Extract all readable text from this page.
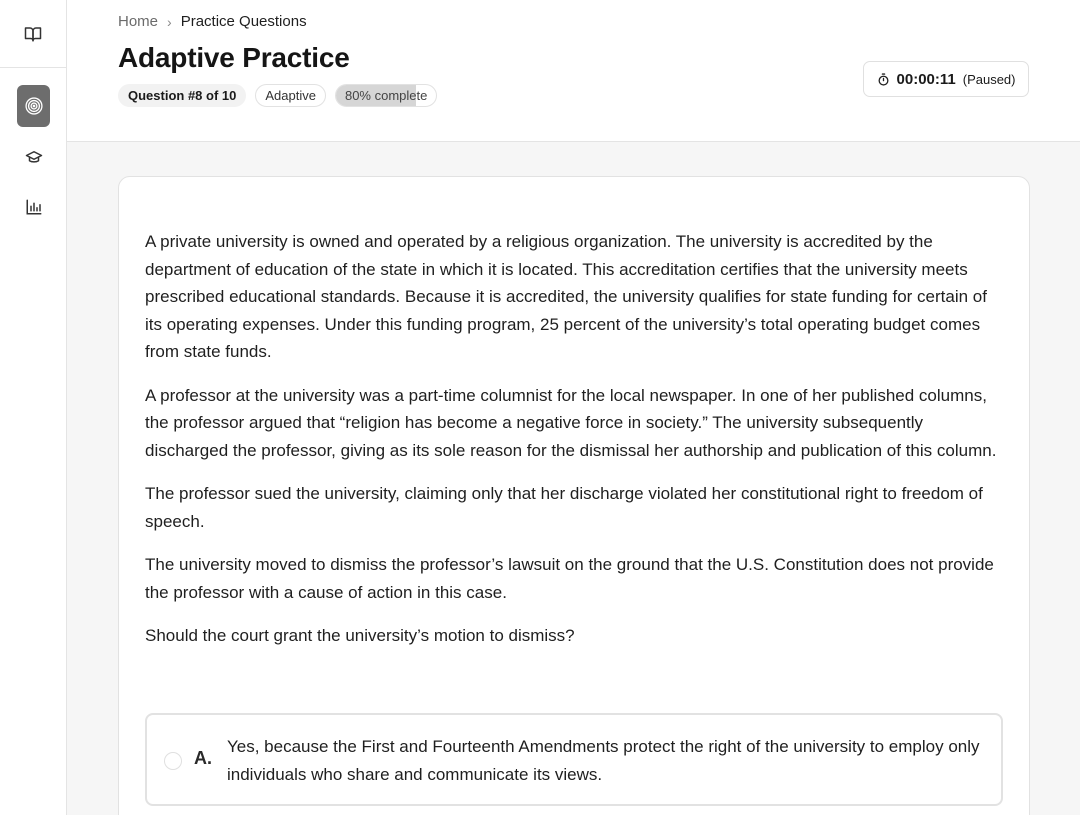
Home › Practice Questions
Adaptive Practice
Question #8 of 10	Adaptive	80% complete
00:00:11 (Paused)

A private university is owned and operated by a religious organization. The university is accredited by the department of education of the state in which it is located. This accreditation certifies that the university meets prescribed educational standards. Because it is accredited, the university qualifies for state funding for certain of its operating expenses. Under this funding program, 25 percent of the university’s total operating budget comes from state funds.

A professor at the university was a part-time columnist for the local newspaper. In one of her published columns, the professor argued that “religion has become a negative force in society.” The university subsequently discharged the professor, giving as its sole reason for the dismissal her authorship and publication of this column.

The professor sued the university, claiming only that her discharge violated her constitutional right to freedom of speech.

The university moved to dismiss the professor’s lawsuit on the ground that the U.S. Constitution does not provide the professor with a cause of action in this case.

Should the court grant the university’s motion to dismiss?

A.
Yes, because the First and Fourteenth Amendments protect the right of the university to employ only individuals who share and communicate its views.
